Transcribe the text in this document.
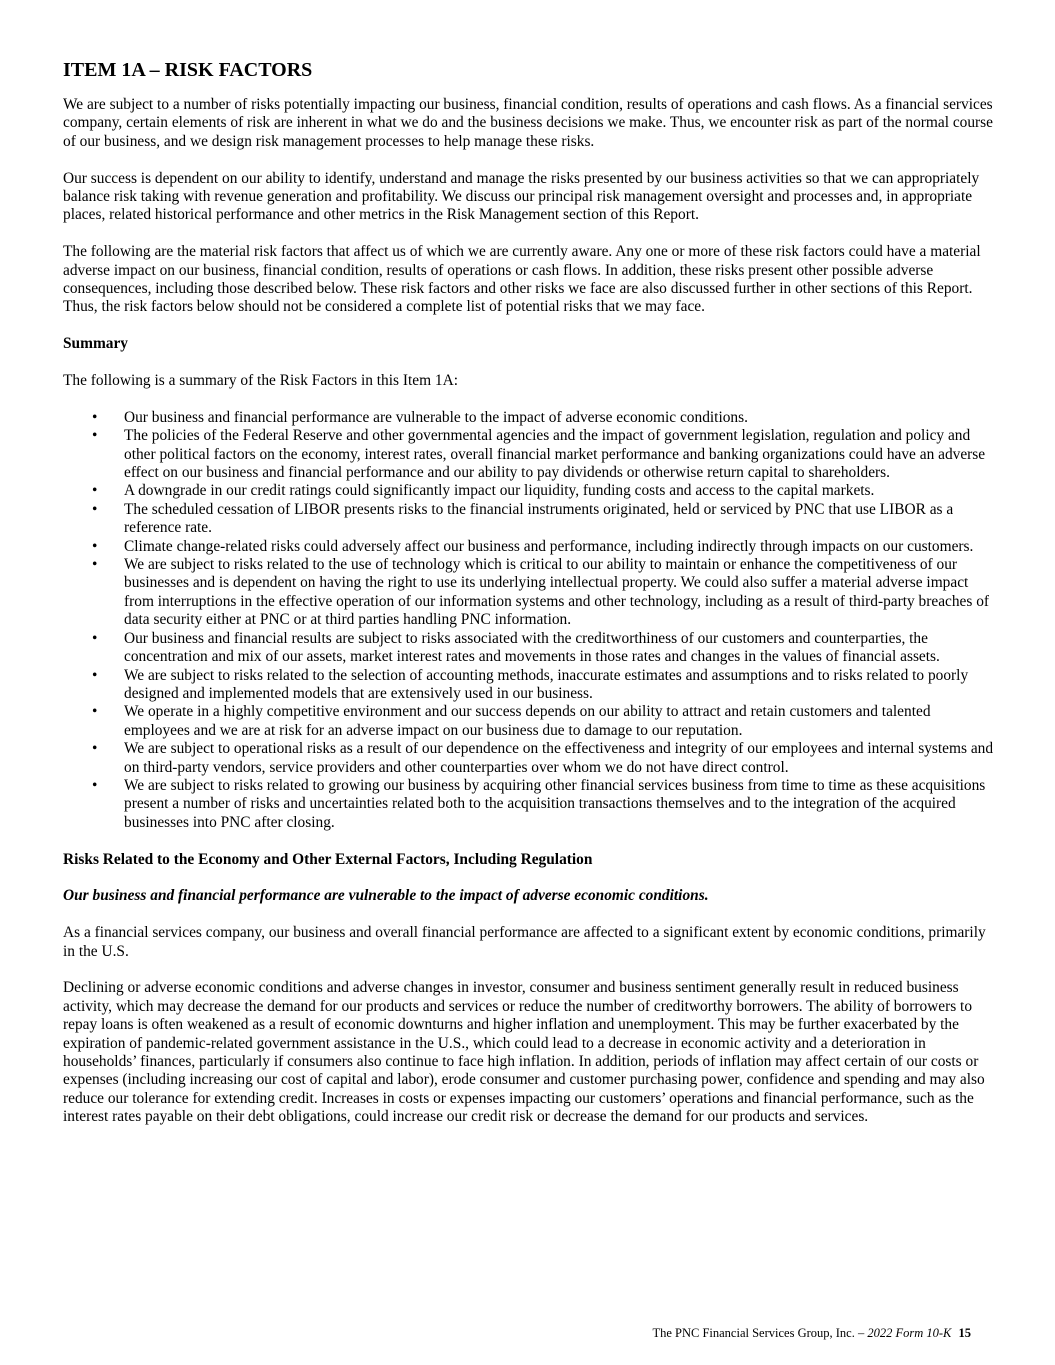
ITEM 1A – RISK FACTORS

We are subject to a number of risks potentially impacting our business, financial condition, results of operations and cash flows. As a financial services company, certain elements of risk are inherent in what we do and the business decisions we make. Thus, we encounter risk as part of the normal course of our business, and we design risk management processes to help manage these risks.

Our success is dependent on our ability to identify, understand and manage the risks presented by our business activities so that we can appropriately balance risk taking with revenue generation and profitability. We discuss our principal risk management oversight and processes and, in appropriate places, related historical performance and other metrics in the Risk Management section of this Report.

The following are the material risk factors that affect us of which we are currently aware. Any one or more of these risk factors could have a material adverse impact on our business, financial condition, results of operations or cash flows. In addition, these risks present other possible adverse consequences, including those described below. These risk factors and other risks we face are also discussed further in other sections of this Report. Thus, the risk factors below should not be considered a complete list of potential risks that we may face.

Summary

The following is a summary of the Risk Factors in this Item 1A:

• Our business and financial performance are vulnerable to the impact of adverse economic conditions.
• The policies of the Federal Reserve and other governmental agencies and the impact of government legislation, regulation and policy and other political factors on the economy, interest rates, overall financial market performance and banking organizations could have an adverse effect on our business and financial performance and our ability to pay dividends or otherwise return capital to shareholders.
• A downgrade in our credit ratings could significantly impact our liquidity, funding costs and access to the capital markets.
• The scheduled cessation of LIBOR presents risks to the financial instruments originated, held or serviced by PNC that use LIBOR as a reference rate.
• Climate change-related risks could adversely affect our business and performance, including indirectly through impacts on our customers.
• We are subject to risks related to the use of technology which is critical to our ability to maintain or enhance the competitiveness of our businesses and is dependent on having the right to use its underlying intellectual property. We could also suffer a material adverse impact from interruptions in the effective operation of our information systems and other technology, including as a result of third-party breaches of data security either at PNC or at third parties handling PNC information.
• Our business and financial results are subject to risks associated with the creditworthiness of our customers and counterparties, the concentration and mix of our assets, market interest rates and movements in those rates and changes in the values of financial assets.
• We are subject to risks related to the selection of accounting methods, inaccurate estimates and assumptions and to risks related to poorly designed and implemented models that are extensively used in our business.
• We operate in a highly competitive environment and our success depends on our ability to attract and retain customers and talented employees and we are at risk for an adverse impact on our business due to damage to our reputation.
• We are subject to operational risks as a result of our dependence on the effectiveness and integrity of our employees and internal systems and on third-party vendors, service providers and other counterparties over whom we do not have direct control.
• We are subject to risks related to growing our business by acquiring other financial services business from time to time as these acquisitions present a number of risks and uncertainties related both to the acquisition transactions themselves and to the integration of the acquired businesses into PNC after closing.
Risks Related to the Economy and Other External Factors, Including Regulation
Our business and financial performance are vulnerable to the impact of adverse economic conditions.

As a financial services company, our business and overall financial performance are affected to a significant extent by economic conditions, primarily in the U.S.

Declining or adverse economic conditions and adverse changes in investor, consumer and business sentiment generally result in reduced business activity, which may decrease the demand for our products and services or reduce the number of creditworthy borrowers. The ability of borrowers to repay loans is often weakened as a result of economic downturns and higher inflation and unemployment. This may be further exacerbated by the expiration of pandemic-related government assistance in the U.S., which could lead to a decrease in economic activity and a deterioration in households’ finances, particularly if consumers also continue to face high inflation. In addition, periods of inflation may affect certain of our costs or expenses (including increasing our cost of capital and labor), erode consumer and customer purchasing power, confidence and spending and may also reduce our tolerance for extending credit. Increases in costs or expenses impacting our customers’ operations and financial performance, such as the interest rates payable on their debt obligations, could increase our credit risk or decrease the demand for our products and services.

The PNC Financial Services Group, Inc. – 2022 Form 10-K 15
